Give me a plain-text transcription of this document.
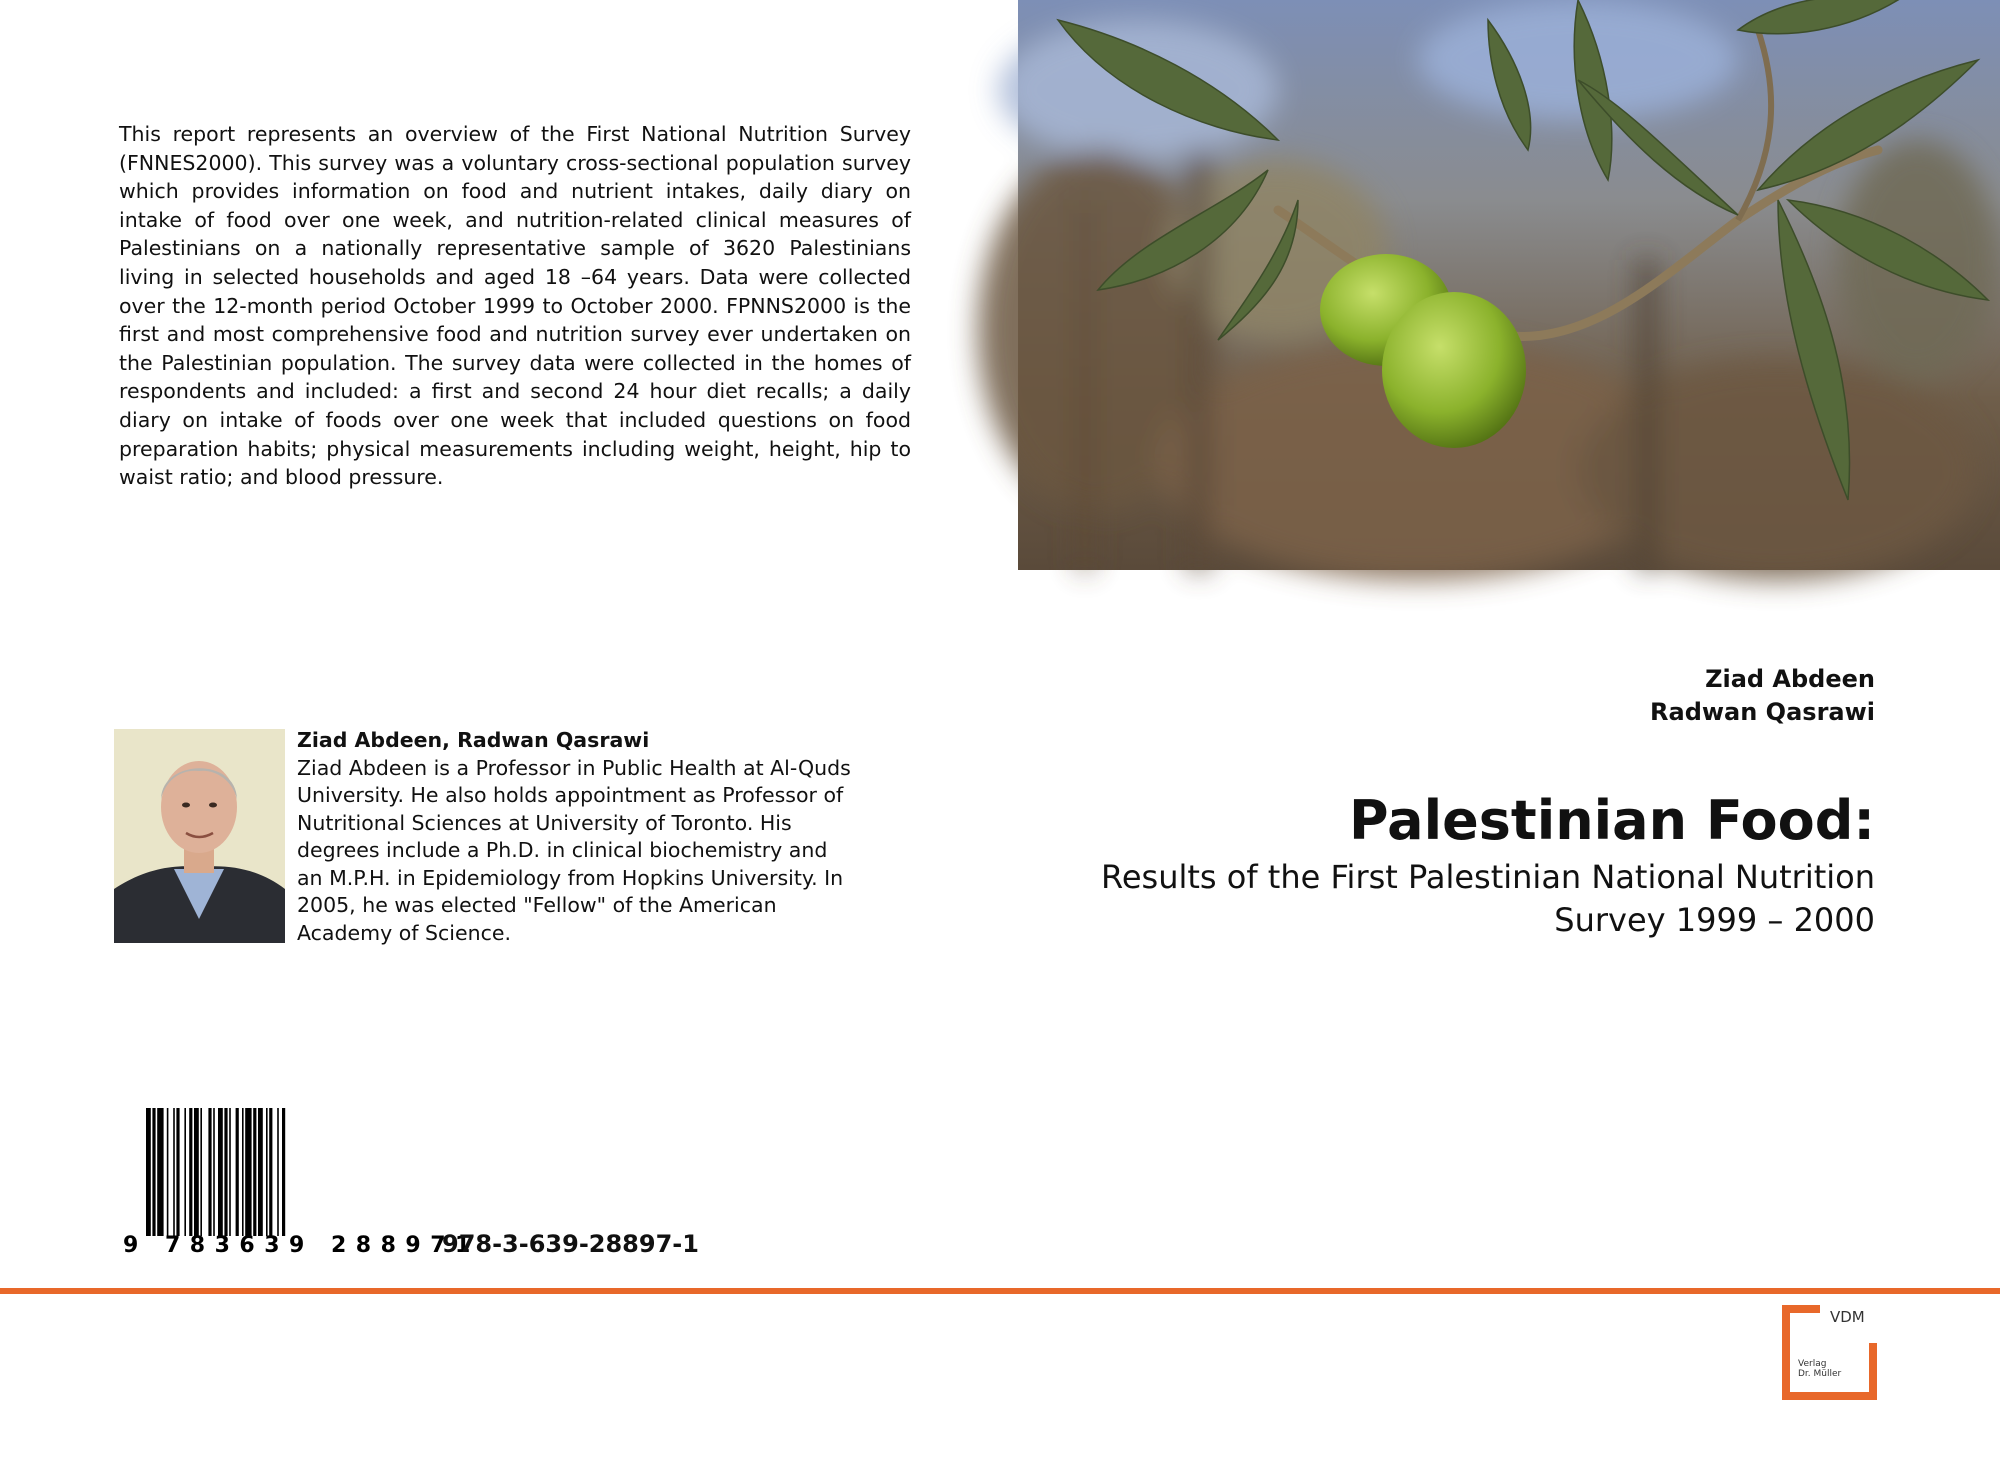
This report represents an overview of the First National Nutrition Survey (FNNES2000). This survey was a voluntary cross-sectional population survey which provides information on food and nutrient intakes, daily diary on intake of food over one week, and nutrition-related clinical measures of Palestinians on a nationally representative sample of 3620 Palestinians living in selected households and aged 18 –64 years. Data were collected over the 12-month period October 1999 to October 2000. FPNNS2000 is the first and most comprehensive food and nutrition survey ever undertaken on the Palestinian population. The survey data were collected in the homes of respondents and included: a first and second 24 hour diet recalls; a daily diary on intake of foods over one week that included questions on food preparation habits; physical measurements including weight, height, hip to waist ratio; and blood pressure.
Ziad Abdeen
Radwan Qasrawi
Palestinian Food:
Results of the First Palestinian National Nutrition
Survey 1999 – 2000
Ziad Abdeen, Radwan Qasrawi
Ziad Abdeen is a Professor in Public Health at Al-Quds University. He also holds appointment as Professor of Nutritional Sciences at University of Toronto. His degrees include a Ph.D. in clinical biochemistry and an M.P.H. in Epidemiology from Hopkins University. In 2005, he was elected "Fellow" of the American Academy of Science.
9 783639 288971
978-3-639-28897-1
VDM
Verlag
Dr. Müller
